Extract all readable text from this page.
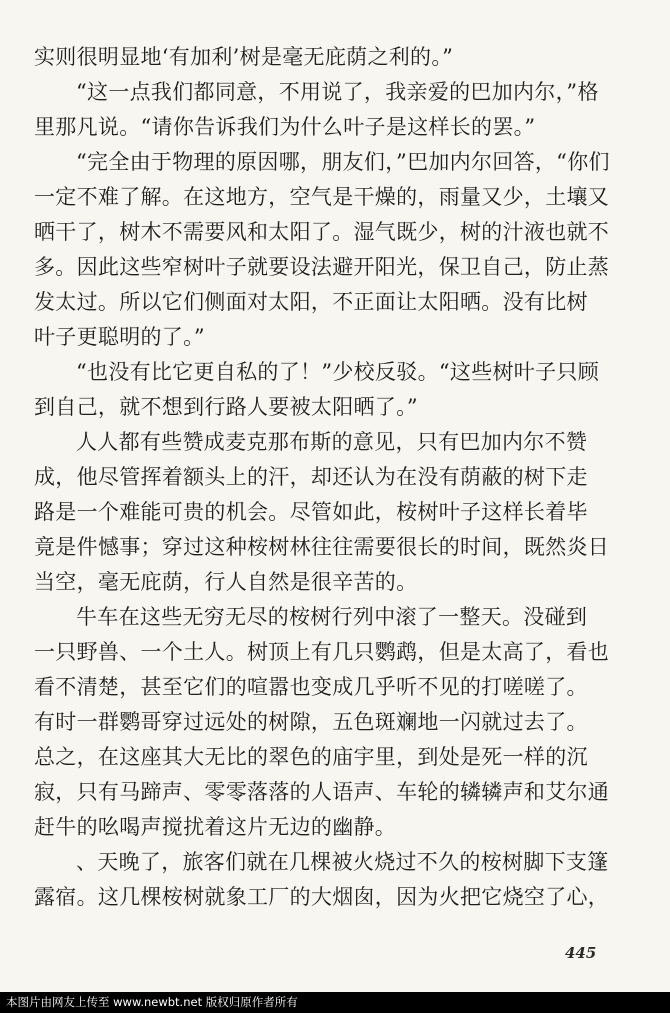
实则很明显地‘有加利’树是毫无庇荫之利的。”
“这一点我们都同意，不用说了，我亲爱的巴加内尔，”格
里那凡说。“请你告诉我们为什么叶子是这样长的罢。”
“完全由于物理的原因哪，朋友们，”巴加内尔回答，“你们
一定不难了解。在这地方，空气是干燥的，雨量又少，土壤又
晒干了，树木不需要风和太阳了。湿气既少，树的汁液也就不
多。因此这些窄树叶子就要设法避开阳光，保卫自己，防止蒸
发太过。所以它们侧面对太阳，不正面让太阳晒。没有比树
叶子更聪明的了。”
“也没有比它更自私的了！”少校反驳。“这些树叶子只顾
到自己，就不想到行路人要被太阳晒了。”
人人都有些赞成麦克那布斯的意见，只有巴加内尔不赞
成，他尽管挥着额头上的汗，却还认为在没有荫蔽的树下走
路是一个难能可贵的机会。尽管如此，桉树叶子这样长着毕
竟是件憾事；穿过这种桉树林往往需要很长的时间，既然炎日
当空，毫无庇荫，行人自然是很辛苦的。
牛车在这些无穷无尽的桉树行列中滚了一整天。没碰到
一只野兽、一个土人。树顶上有几只鹦鹉，但是太高了，看也
看不清楚，甚至它们的喧嚣也变成几乎听不见的打嗟嗟了。
有时一群鹦哥穿过远处的树隙，五色斑斓地一闪就过去了。
总之，在这座其大无比的翠色的庙宇里，到处是死一样的沉
寂，只有马蹄声、零零落落的人语声、车轮的辚辚声和艾尔通
赶牛的吆喝声搅扰着这片无边的幽静。
、天晚了，旅客们就在几棵被火烧过不久的桉树脚下支篷
露宿。这几棵桉树就象工厂的大烟囱，因为火把它烧空了心，
445
本图片由网友上传至 www.newbt.net 版权归原作者所有
